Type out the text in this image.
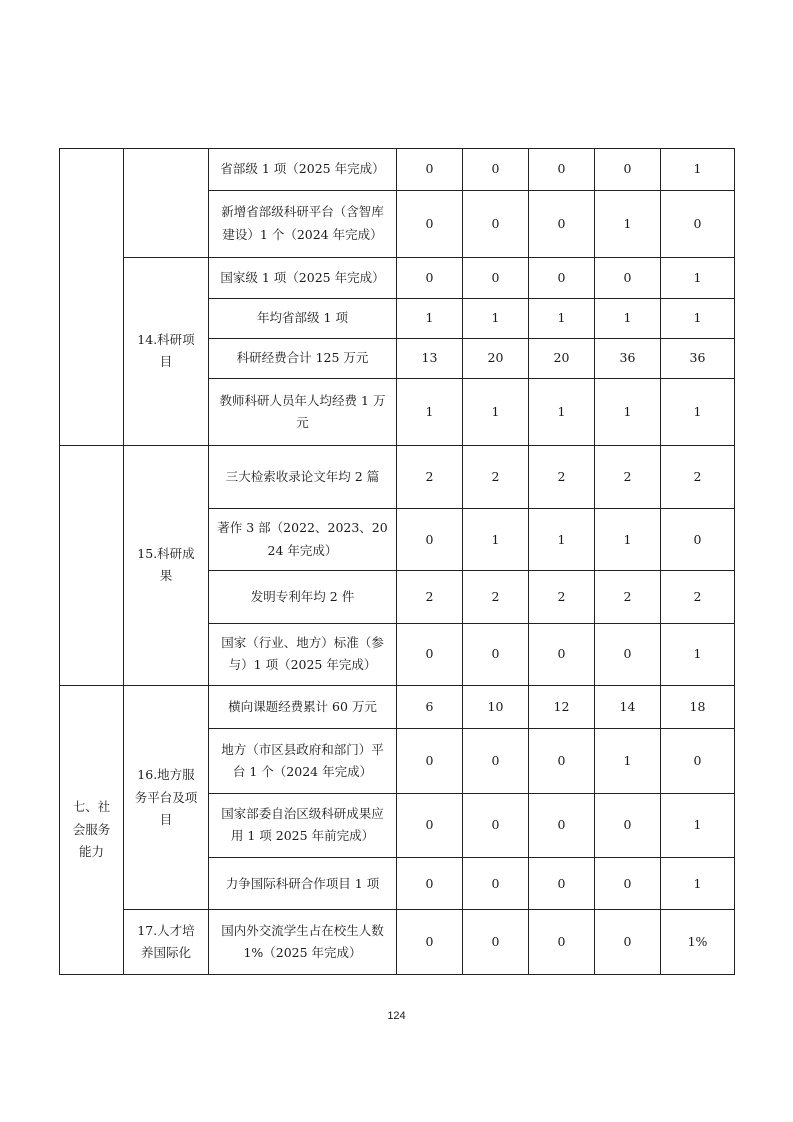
		省部级 1 项（2025 年完成）	0	0	0	0	1
		新增省部级科研平台（含智库建设）1 个（2024 年完成）	0	0	0	1	0
	14.科研项目	国家级 1 项（2025 年完成）	0	0	0	0	1
		年均省部级 1 项	1	1	1	1	1
		科研经费合计 125 万元	13	20	20	36	36
		教师科研人员年人均经费 1 万元	1	1	1	1	1
	15.科研成果	三大检索收录论文年均 2 篇	2	2	2	2	2
		著作 3 部（2022、2023、2024 年完成）	0	1	1	1	0
		发明专利年均 2 件	2	2	2	2	2
		国家（行业、地方）标准（参与）1 项（2025 年完成）	0	0	0	0	1
七、社会服务能力	16.地方服务平台及项目	横向课题经费累计 60 万元	6	10	12	14	18
		地方（市区县政府和部门）平台 1 个（2024 年完成）	0	0	0	1	0
		国家部委自治区级科研成果应用 1 项 2025 年前完成）	0	0	0	0	1
		力争国际科研合作项目 1 项	0	0	0	0	1
	17.人才培养国际化	国内外交流学生占在校生人数 1%（2025 年完成）	0	0	0	0	1%
124
